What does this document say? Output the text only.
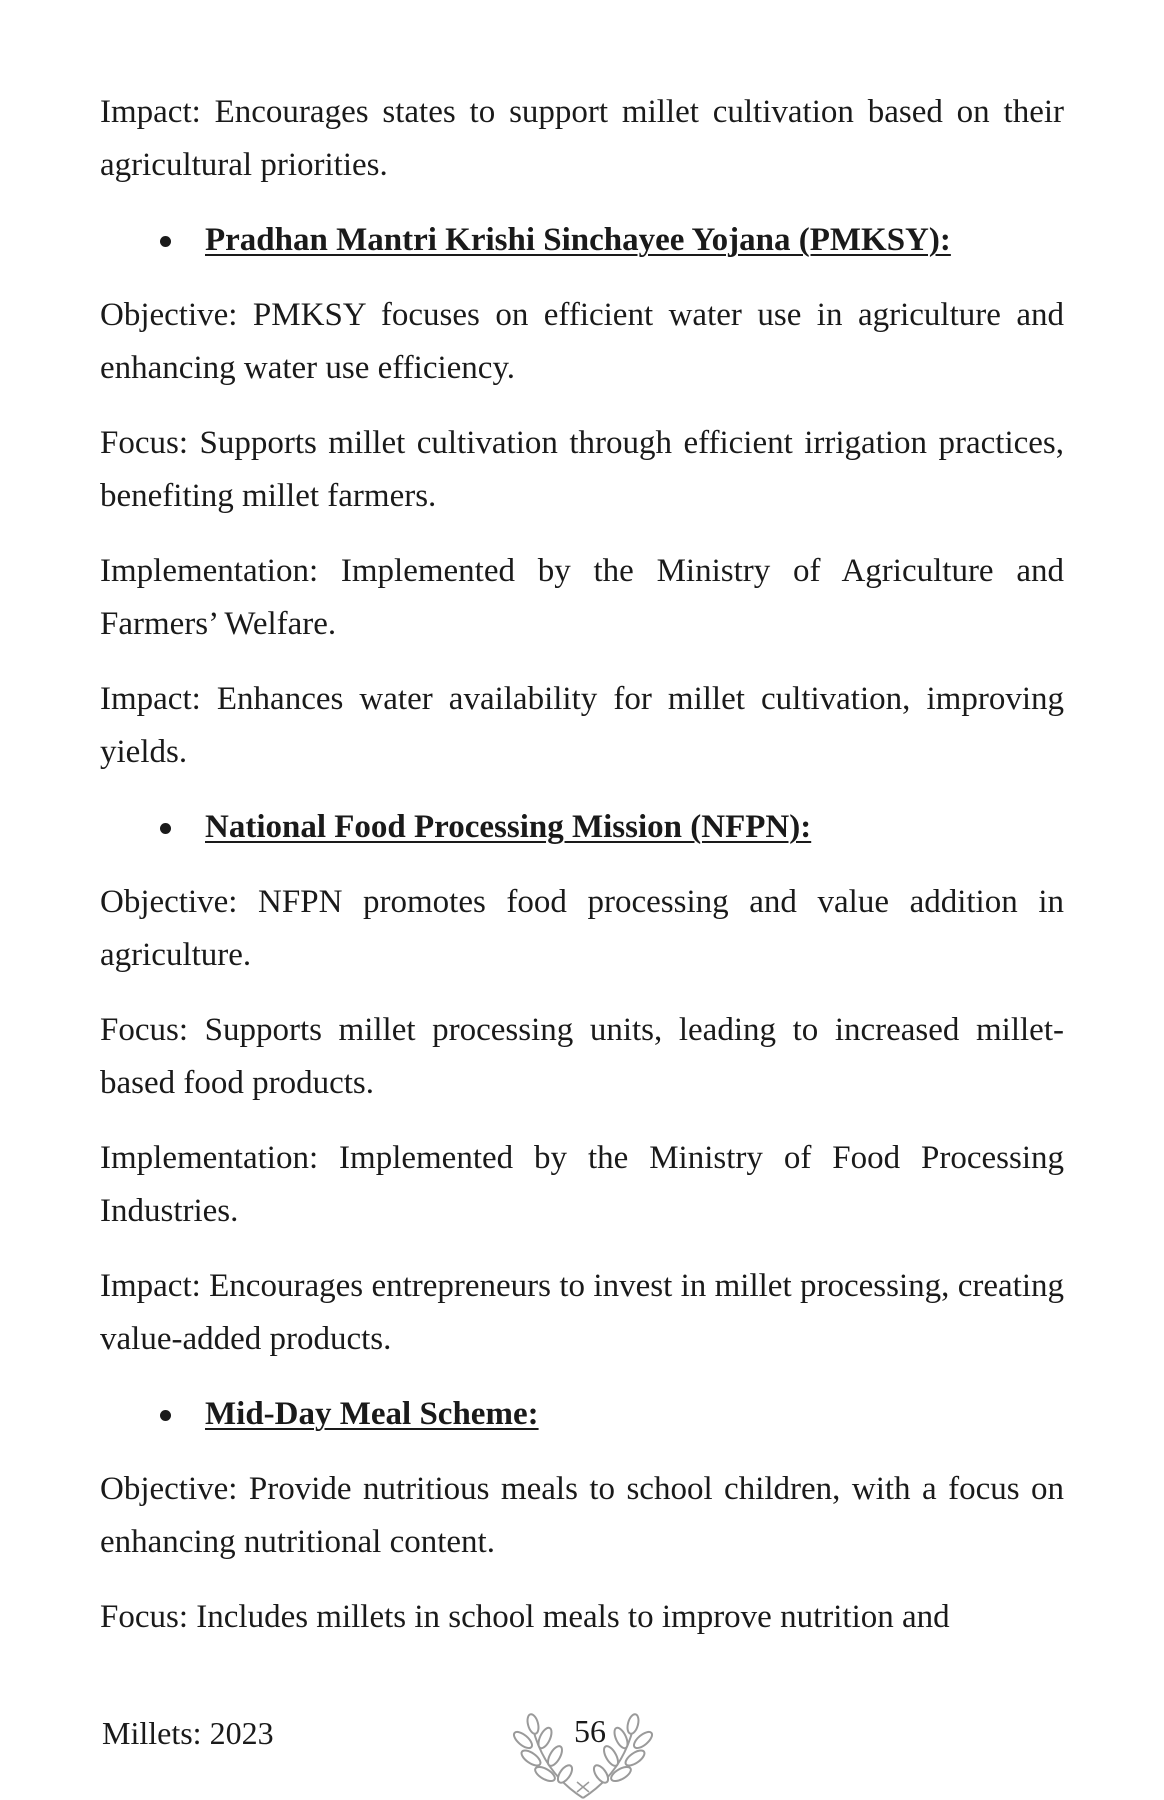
Impact: Encourages states to support millet cultivation based on their agricultural priorities.

Pradhan Mantri Krishi Sinchayee Yojana (PMKSY):

Objective: PMKSY focuses on efficient water use in agriculture and enhancing water use efficiency.

Focus: Supports millet cultivation through efficient irrigation practices, benefiting millet farmers.

Implementation: Implemented by the Ministry of Agriculture and Farmers’ Welfare.

Impact: Enhances water availability for millet cultivation, improving yields.

National Food Processing Mission (NFPN):

Objective: NFPN promotes food processing and value addition in agriculture.

Focus: Supports millet processing units, leading to increased millet-based food products.

Implementation: Implemented by the Ministry of Food Processing Industries.

Impact: Encourages entrepreneurs to invest in millet processing, creating value-added products.

Mid-Day Meal Scheme:

Objective: Provide nutritious meals to school children, with a focus on enhancing nutritional content.

Focus: Includes millets in school meals to improve nutrition and

Millets: 2023	56
